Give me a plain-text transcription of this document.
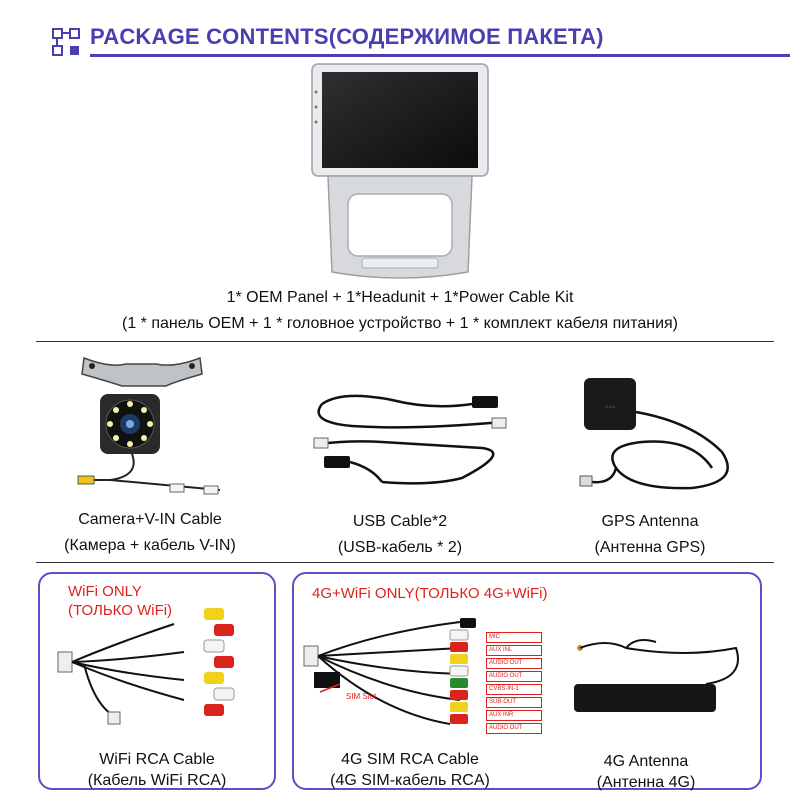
PACKAGE CONTENTS(СОДЕРЖИМОЕ ПАКЕТА)
1* OEM Panel + 1*Headunit + 1*Power Cable Kit
(1 * панель OEM + 1 * головное устройство + 1 * комплект кабеля питания)
Camera+V-IN Cable
(Камера + кабель V-IN)
USB Cable*2
(USB-кабель * 2)
◦◦◦
GPS Antenna
(Антенна GPS)
WiFi ONLY
(ТОЛЬКО WiFi)
WiFi RCA Cable
(Кабель WiFi RCA)
4G+WiFi ONLY(ТОЛЬКО 4G+WiFi)
SIM Slot
MIC
AUX INL
AUDIO OUT
AUDIO OUT
CVBS-IN-1
SUB-OUT
AUX INR
AUDIO OUT
4G SIM RCA Cable
(4G SIM-кабель RCA)
4G Antenna
(Антенна 4G)
